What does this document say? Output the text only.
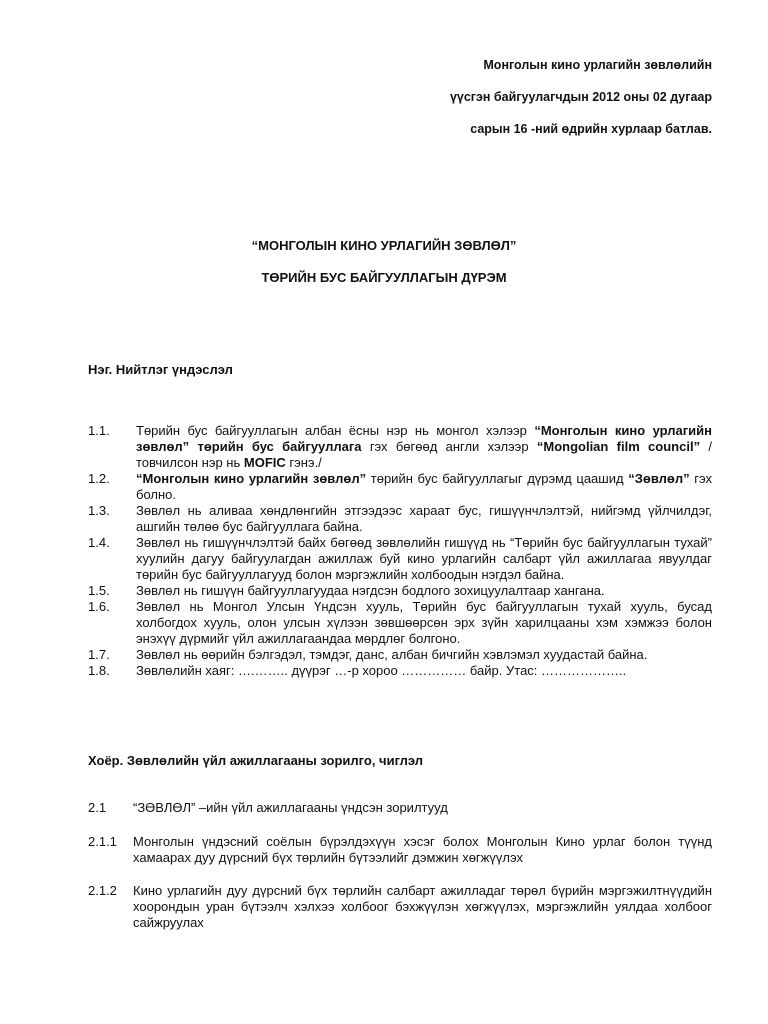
Монголын кино урлагийн зөвлөлийн
үүсгэн байгуулагчдын 2012 оны 02 дугаар
сарын 16 -ний өдрийн хурлаар батлав.
“МОНГОЛЫН КИНО УРЛАГИЙН ЗӨВЛӨЛ”
ТӨРИЙН БУС БАЙГУУЛЛАГЫН ДҮРЭМ
Нэг. Нийтлэг үндэслэл
1.1. Төрийн бус байгууллагын албан ёсны нэр нь монгол хэлээр “Монголын кино урлагийн зөвлөл” төрийн бус байгууллага гэх бөгөөд англи хэлээр “Mongolian film council” /товчилсон нэр нь MOFIC гэнэ./
1.2. “Монголын кино урлагийн зөвлөл” төрийн бус байгууллагыг дүрэмд цаашид “Зөвлөл” гэх болно.
1.3. Зөвлөл нь аливаа хөндлөнгийн этгээдээс хараат бус, гишүүнчлэлтэй, нийгэмд үйлчилдэг, ашгийн төлөө бус байгууллага байна.
1.4. Зөвлөл нь гишүүнчлэлтэй байх бөгөөд зөвлөлийн гишүүд нь “Төрийн бус байгууллагын тухай” хуулийн дагуу байгуулагдан ажиллаж буй кино урлагийн салбарт үйл ажиллагаа явуулдаг төрийн бус байгууллагууд болон мэргэжлийн холбоодын нэгдэл байна.
1.5. Зөвлөл нь гишүүн байгууллагуудаа нэгдсэн бодлого зохицуулалтаар хангана.
1.6. Зөвлөл нь Монгол Улсын Үндсэн хууль, Төрийн бус байгууллагын тухай хууль, бусад холбогдох хууль, олон улсын хүлээн зөвшөөрсөн эрх зүйн харилцааны хэм хэмжээ болон энэхүү дүрмийг үйл ажиллагаандаа мөрдлөг болгоно.
1.7. Зөвлөл нь өөрийн бэлгэдэл, тэмдэг, данс, албан бичгийн хэвлэмэл хуудастай байна.
1.8. Зөвлөлийн хаяг: ….…….. дүүрэг …-р хороо …………… байр. Утас: ………………..
Хоёр. Зөвлөлийн үйл ажиллагааны зорилго, чиглэл
2.1 “ЗӨВЛӨЛ” –ийн үйл ажиллагааны үндсэн зорилтууд
2.1.1 Монголын үндэсний соёлын бүрэлдэхүүн хэсэг болох Монголын Кино урлаг болон түүнд хамаарах дуу дүрсний бүх төрлийн бүтээлийг дэмжин хөгжүүлэх
2.1.2 Кино урлагийн дуу дүрсний бүх төрлийн салбарт ажилладаг төрөл бүрийн мэргэжилтнүүдийн хоорондын уран бүтээлч хэлхээ холбоог бэхжүүлэн хөгжүүлэх, мэргэжлийн уялдаа холбоог сайжруулах
